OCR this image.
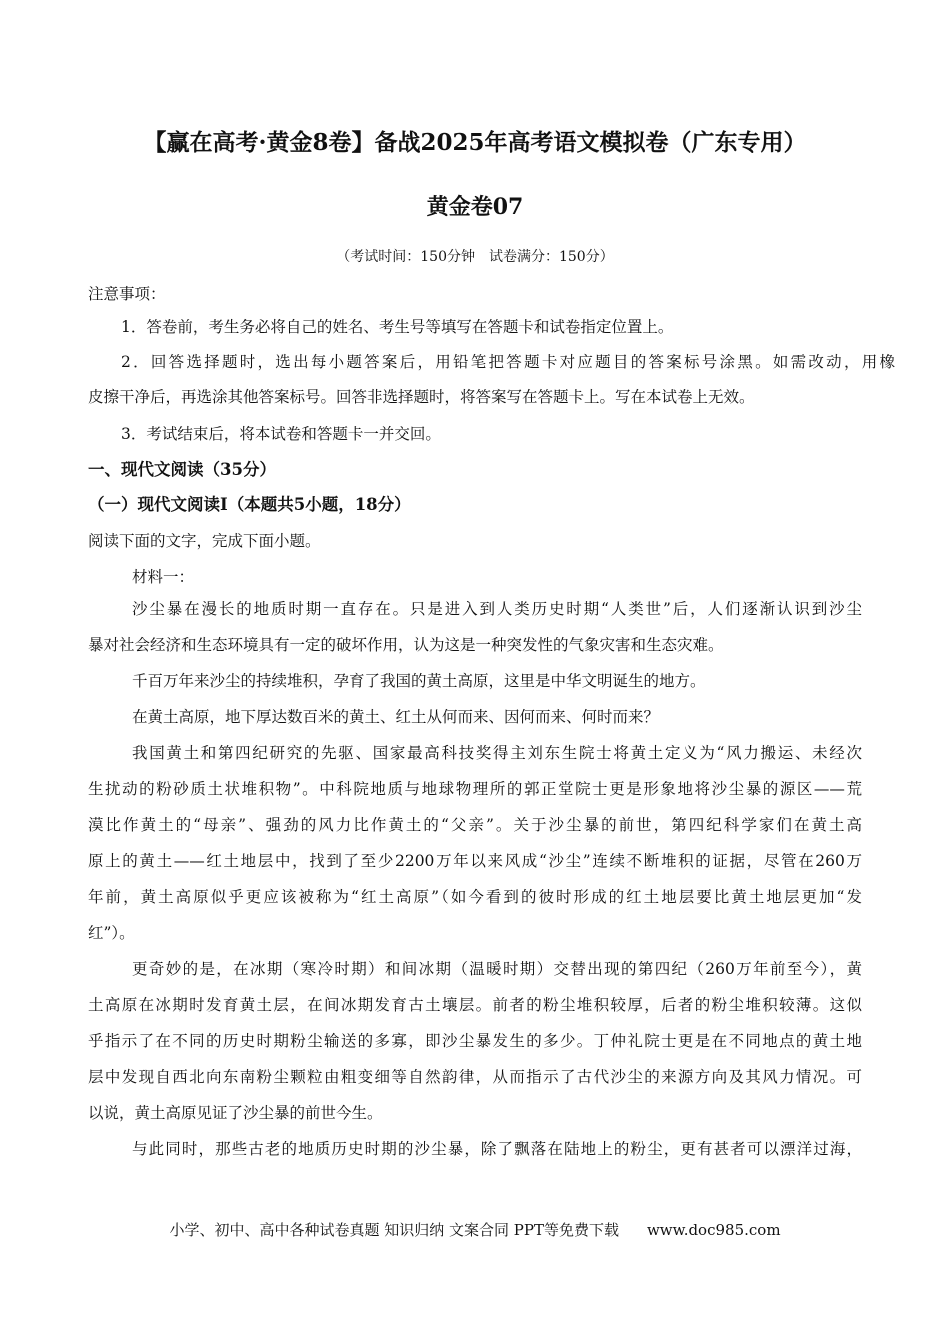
【赢在高考·黄金8卷】备战2025年高考语文模拟卷（广东专用）
黄金卷07
（考试时间：150分钟　试卷满分：150分）
注意事项：
1．答卷前，考生务必将自己的姓名、考生号等填写在答题卡和试卷指定位置上。
2．回答选择题时，选出每小题答案后，用铅笔把答题卡对应题目的答案标号涂黑。如需改动，用橡
皮擦干净后，再选涂其他答案标号。回答非选择题时，将答案写在答题卡上。写在本试卷上无效。
3．考试结束后，将本试卷和答题卡一并交回。
一、现代文阅读（35分）
（一）现代文阅读Ⅰ（本题共5小题，18分）
阅读下面的文字，完成下面小题。
材料一：
沙尘暴在漫长的地质时期一直存在。只是进入到人类历史时期“人类世”后，人们逐渐认识到沙尘
暴对社会经济和生态环境具有一定的破坏作用，认为这是一种突发性的气象灾害和生态灾难。
千百万年来沙尘的持续堆积，孕育了我国的黄土高原，这里是中华文明诞生的地方。
在黄土高原，地下厚达数百米的黄土、红土从何而来、因何而来、何时而来？
我国黄土和第四纪研究的先驱、国家最高科技奖得主刘东生院士将黄土定义为“风力搬运、未经次
生扰动的粉砂质土状堆积物”。中科院地质与地球物理所的郭正堂院士更是形象地将沙尘暴的源区——荒
漠比作黄土的“母亲”、强劲的风力比作黄土的“父亲”。关于沙尘暴的前世，第四纪科学家们在黄土高
原上的黄土——红土地层中，找到了至少2200万年以来风成“沙尘”连续不断堆积的证据，尽管在260万
年前，黄土高原似乎更应该被称为“红土高原”（如今看到的彼时形成的红土地层要比黄土地层更加“发
红”）。
更奇妙的是，在冰期（寒冷时期）和间冰期（温暖时期）交替出现的第四纪（260万年前至今），黄
土高原在冰期时发育黄土层，在间冰期发育古土壤层。前者的粉尘堆积较厚，后者的粉尘堆积较薄。这似
乎指示了在不同的历史时期粉尘输送的多寡，即沙尘暴发生的多少。丁仲礼院士更是在不同地点的黄土地
层中发现自西北向东南粉尘颗粒由粗变细等自然韵律，从而指示了古代沙尘的来源方向及其风力情况。可
以说，黄土高原见证了沙尘暴的前世今生。
与此同时，那些古老的地质历史时期的沙尘暴，除了飘落在陆地上的粉尘，更有甚者可以漂洋过海，
小学、初中、高中各种试卷真题 知识归纳 文案合同 PPT等免费下载 www.doc985.com
